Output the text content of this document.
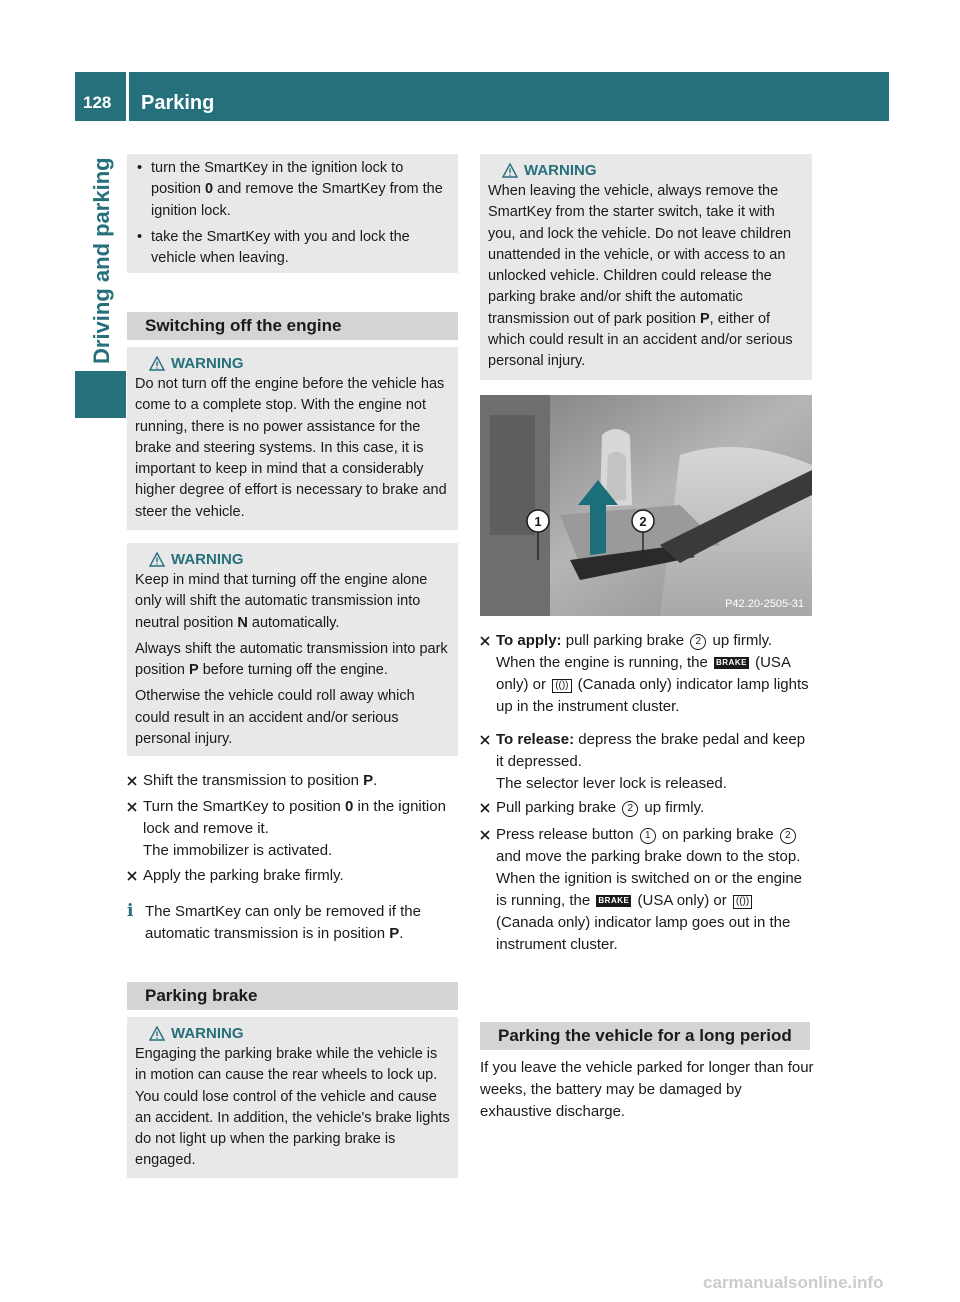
128	Parking
Driving and parking • turn the SmartKey in the ignition lock to position 0 and remove the SmartKey from the ignition lock.
• take the SmartKey with you and lock the vehicle when leaving.
Switching off the engine
WARNING

Do not turn off the engine before the vehicle has come to a complete stop. With the engine not running, there is no power assistance for the brake and steering systems. In this case, it is important to keep in mind that a considerably higher degree of effort is necessary to brake and steer the vehicle.

WARNING

Keep in mind that turning off the engine alone only will shift the automatic transmission into neutral position N automatically.

Always shift the automatic transmission into park position P before turning off the engine.

Otherwise the vehicle could roll away which could result in an accident and/or serious personal injury.

Shift the transmission to position P.
Turn the SmartKey to position 0 in the ignition lock and remove it.
The immobilizer is activated.
Apply the parking brake firmly.
i The SmartKey can only be removed if the automatic transmission is in position P.
Parking brake
WARNING

Engaging the parking brake while the vehicle is in motion can cause the rear wheels to lock up. You could lose control of the vehicle and cause an accident. In addition, the vehicle's brake lights do not light up when the parking brake is engaged.

WARNING

When leaving the vehicle, always remove the SmartKey from the starter switch, take it with you, and lock the vehicle. Do not leave children unattended in the vehicle, or with access to an unlocked vehicle. Children could release the parking brake and/or shift the automatic transmission out of park position P, either of which could result in an accident and/or serious personal injury.

1	2
P42.20-2505-31
To apply: pull parking brake 2 up firmly. When the engine is running, the BRAKE (USA only) or (()) (Canada only) indicator lamp lights up in the instrument cluster.
To release: depress the brake pedal and keep it depressed.
The selector lever lock is released.
Pull parking brake 2 up firmly.
Press release button 1 on parking brake 2 and move the parking brake down to the stop.
When the ignition is switched on or the engine is running, the BRAKE (USA only) or (()) (Canada only) indicator lamp goes out in the instrument cluster.
Parking the vehicle for a long period
If you leave the vehicle parked for longer than four weeks, the battery may be damaged by exhaustive discharge.
carmanualsonline.info
